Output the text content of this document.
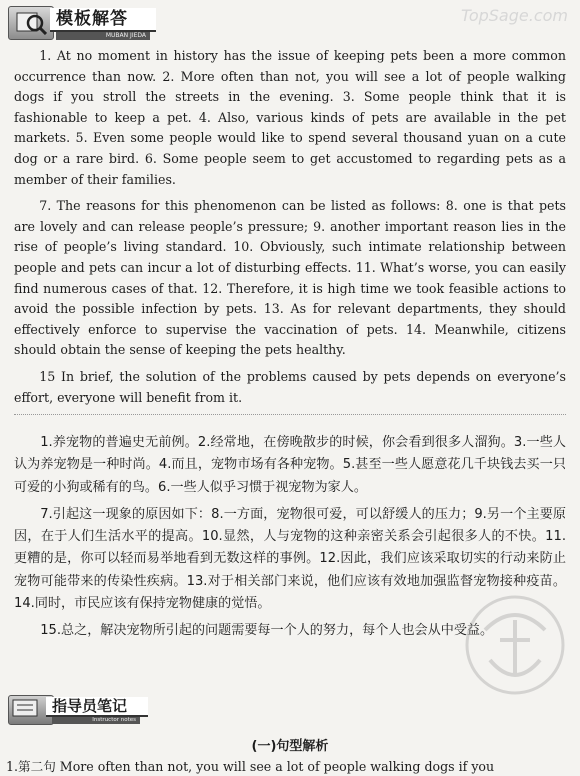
模板解答
MUBAN JIEDA
TopSage.com

1. At no moment in history has the issue of keeping pets been a more common occurrence than now. 2. More often than not, you will see a lot of people walking dogs if you stroll the streets in the evening. 3. Some people think that it is fashionable to keep a pet. 4. Also, various kinds of pets are available in the pet markets. 5. Even some people would like to spend several thousand yuan on a cute dog or a rare bird. 6. Some people seem to get accustomed to regarding pets as a member of their families.

7. The reasons for this phenomenon can be listed as follows: 8. one is that pets are lovely and can release people’s pressure; 9. another important reason lies in the rise of people’s living standard. 10. Obviously, such intimate relationship between people and pets can incur a lot of disturbing effects. 11. What’s worse, you can easily find numerous cases of that. 12. Therefore, it is high time we took feasible actions to avoid the possible infection by pets. 13. As for relevant departments, they should effectively enforce to supervise the vaccination of pets. 14. Meanwhile, citizens should obtain the sense of keeping the pets healthy.

15 In brief, the solution of the problems caused by pets depends on everyone’s effort, everyone will benefit from it.

1.养宠物的普遍史无前例。2.经常地，在傍晚散步的时候，你会看到很多人溜狗。3.一些人认为养宠物是一种时尚。4.而且，宠物市场有各种宠物。5.甚至一些人愿意花几千块钱去买一只可爱的小狗或稀有的鸟。6.一些人似乎习惯于视宠物为家人。

7.引起这一现象的原因如下：8.一方面，宠物很可爱，可以舒缓人的压力；9.另一个主要原因，在于人们生活水平的提高。10.显然，人与宠物的这种亲密关系会引起很多人的不快。11.更糟的是，你可以轻而易举地看到无数这样的事例。12.因此，我们应该采取切实的行动来防止宠物可能带来的传染性疾病。13.对于相关部门来说，他们应该有效地加强监督宠物接种疫苗。14.同时，市民应该有保持宠物健康的觉悟。

15.总之，解决宠物所引起的问题需要每一个人的努力，每个人也会从中受益。

指导员笔记
Instructor notes
(一)句型解析
1.第二句 More often than not, you will see a lot of people walking dogs if you
